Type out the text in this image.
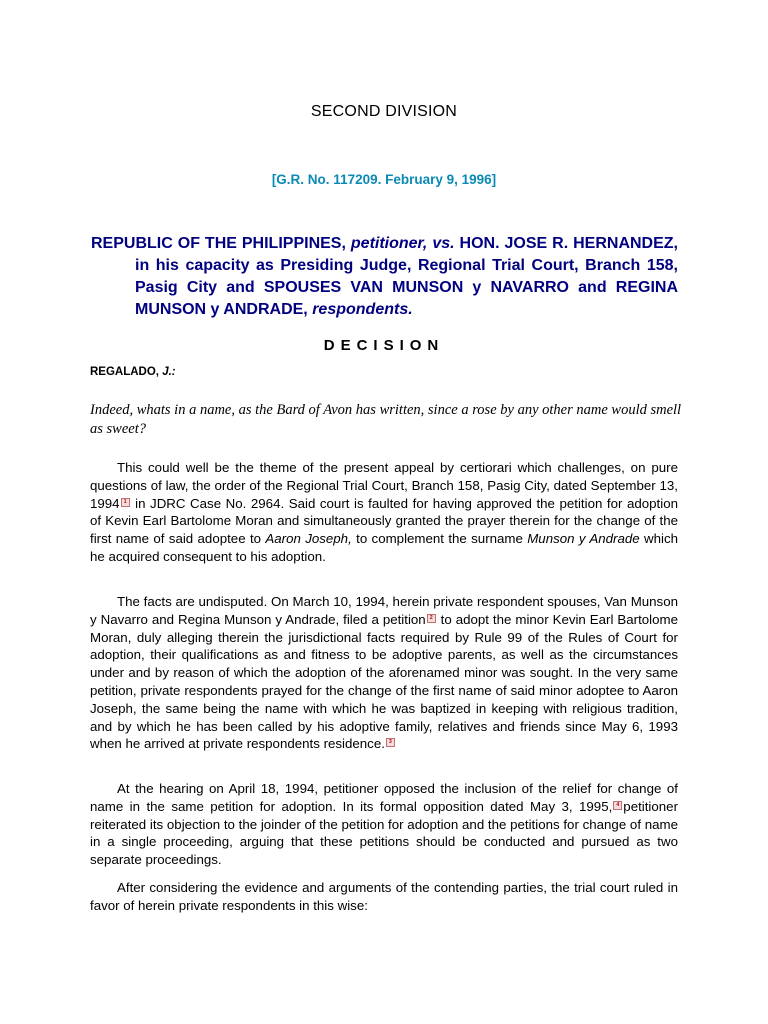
SECOND DIVISION
[G.R. No. 117209. February 9, 1996]
REPUBLIC OF THE PHILIPPINES, petitioner, vs. HON. JOSE R. HERNANDEZ, in his capacity as Presiding Judge, Regional Trial Court, Branch 158, Pasig City and SPOUSES VAN MUNSON y NAVARRO and REGINA MUNSON y ANDRADE, respondents.
DECISION
REGALADO, J.:
Indeed, whats in a name, as the Bard of Avon has written, since a rose by any other name would smell as sweet?
This could well be the theme of the present appeal by certiorari which challenges, on pure questions of law, the order of the Regional Trial Court, Branch 158, Pasig City, dated September 13, 1994 1 in JDRC Case No. 2964. Said court is faulted for having approved the petition for adoption of Kevin Earl Bartolome Moran and simultaneously granted the prayer therein for the change of the first name of said adoptee to Aaron Joseph, to complement the surname Munson y Andrade which he acquired consequent to his adoption.
The facts are undisputed. On March 10, 1994, herein private respondent spouses, Van Munson y Navarro and Regina Munson y Andrade, filed a petition 2 to adopt the minor Kevin Earl Bartolome Moran, duly alleging therein the jurisdictional facts required by Rule 99 of the Rules of Court for adoption, their qualifications as and fitness to be adoptive parents, as well as the circumstances under and by reason of which the adoption of the aforenamed minor was sought. In the very same petition, private respondents prayed for the change of the first name of said minor adoptee to Aaron Joseph, the same being the name with which he was baptized in keeping with religious tradition, and by which he has been called by his adoptive family, relatives and friends since May 6, 1993 when he arrived at private respondents residence. 3
At the hearing on April 18, 1994, petitioner opposed the inclusion of the relief for change of name in the same petition for adoption. In its formal opposition dated May 3, 1995, 4 petitioner reiterated its objection to the joinder of the petition for adoption and the petitions for change of name in a single proceeding, arguing that these petitions should be conducted and pursued as two separate proceedings.
After considering the evidence and arguments of the contending parties, the trial court ruled in favor of herein private respondents in this wise:
